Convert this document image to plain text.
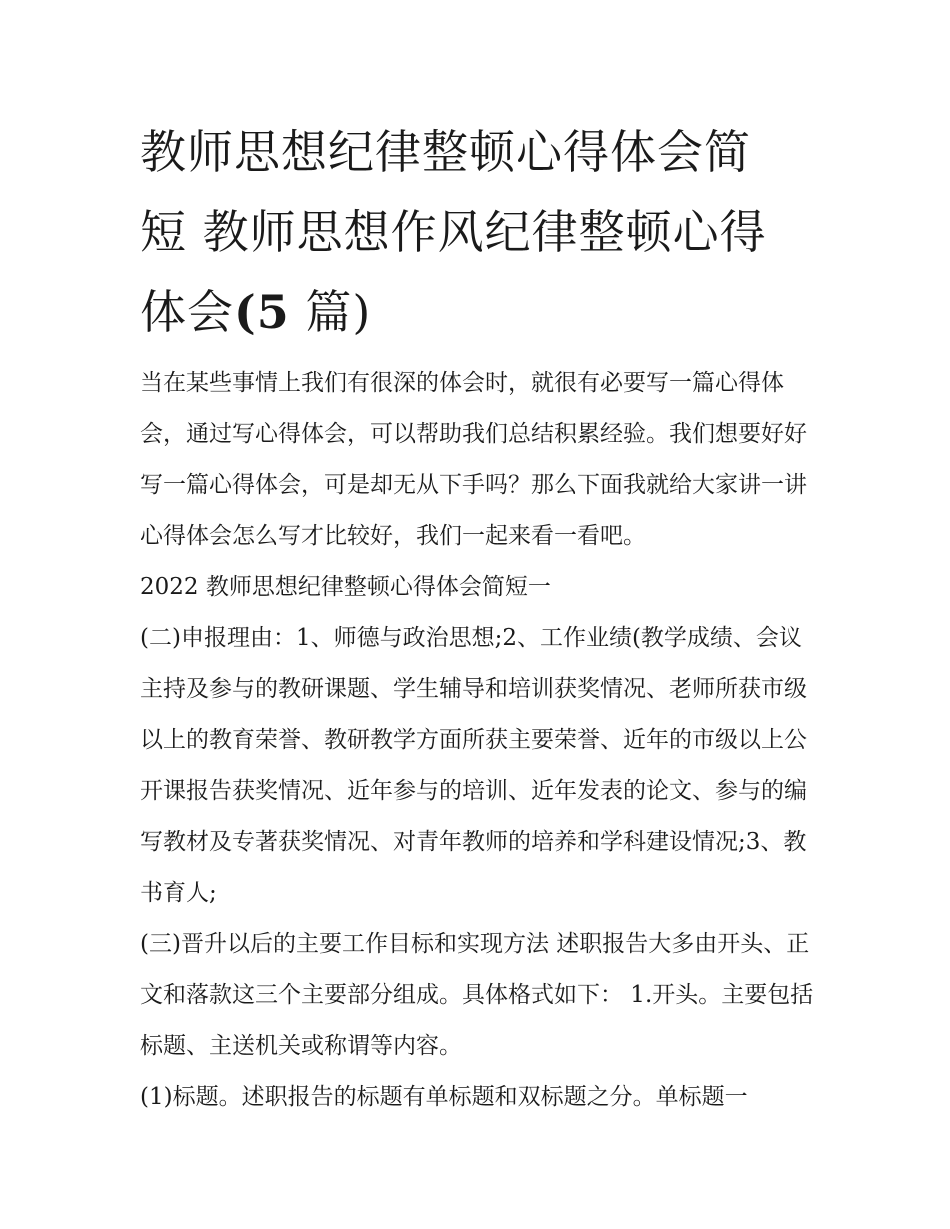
教师思想纪律整顿心得体会简
短 教师思想作风纪律整顿心得
体会(5 篇)

当在某些事情上我们有很深的体会时，就很有必要写一篇心得体会，通过写心得体会，可以帮助我们总结积累经验。我们想要好好写一篇心得体会，可是却无从下手吗？那么下面我就给大家讲一讲心得体会怎么写才比较好，我们一起来看一看吧。

2022 教师思想纪律整顿心得体会简短一

(二)申报理由：1、师德与政治思想;2、工作业绩(教学成绩、会议主持及参与的教研课题、学生辅导和培训获奖情况、老师所获市级以上的教育荣誉、教研教学方面所获主要荣誉、近年的市级以上公开课报告获奖情况、近年参与的培训、近年发表的论文、参与的编写教材及专著获奖情况、对青年教师的培养和学科建设情况;3、教书育人;

(三)晋升以后的主要工作目标和实现方法 述职报告大多由开头、正文和落款这三个主要部分组成。具体格式如下： 1.开头。主要包括标题、主送机关或称谓等内容。

(1)标题。述职报告的标题有单标题和双标题之分。单标题一
